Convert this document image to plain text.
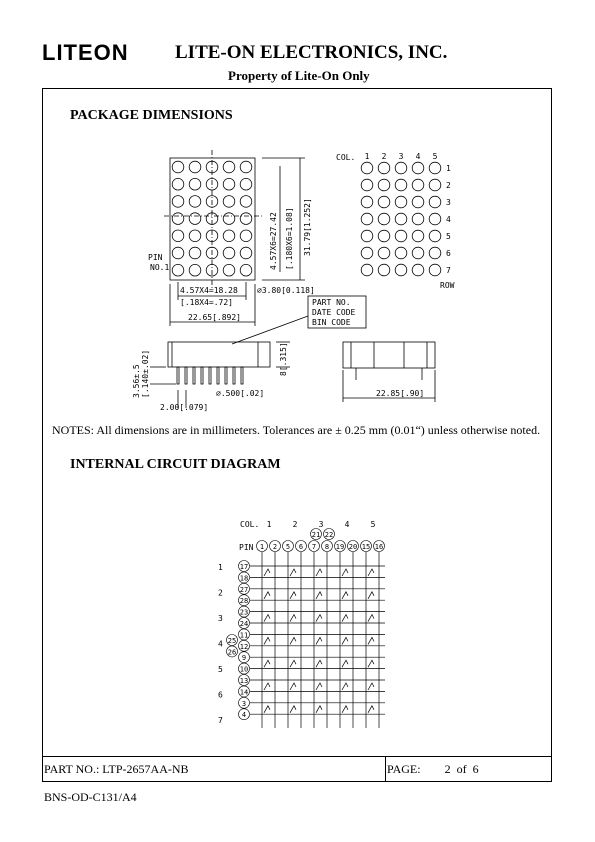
LITEON LITE-ON ELECTRONICS, INC.
Property of Lite-On Only
PACKAGE DIMENSIONS
NOTES: All dimensions are in millimeters. Tolerances are ± 0.25 mm (0.01“) unless otherwise noted.
INTERNAL CIRCUIT DIAGRAM
PIN
NO.1
4.57X4=18.28
[.18X4=.72]
22.65[.892]
∅3.80[0.118]
4.57X6=27.42 [.180X6=1.08] 31.79[1.252]
COL. 1 2 3 4 5
1
2
3
4
5
6
7
ROW
PART NO.
DATE CODE
BIN CODE
3.56±.5 [.140±.02]
2.00[.079]
∅.500[.02]
8[.315]
22.85[.90]
COL. 1	2	3	4	5
21 22
PIN 1 2 5 6 7 8 19 20 15 16
17
18
27
28
23
24
11
12
9
10
13
14
3
4
1
2
3
4
5
6
7
25
26
PART NO.: LTP-2657AA-NB	PAGE:        2  of  6
BNS-OD-C131/A4
